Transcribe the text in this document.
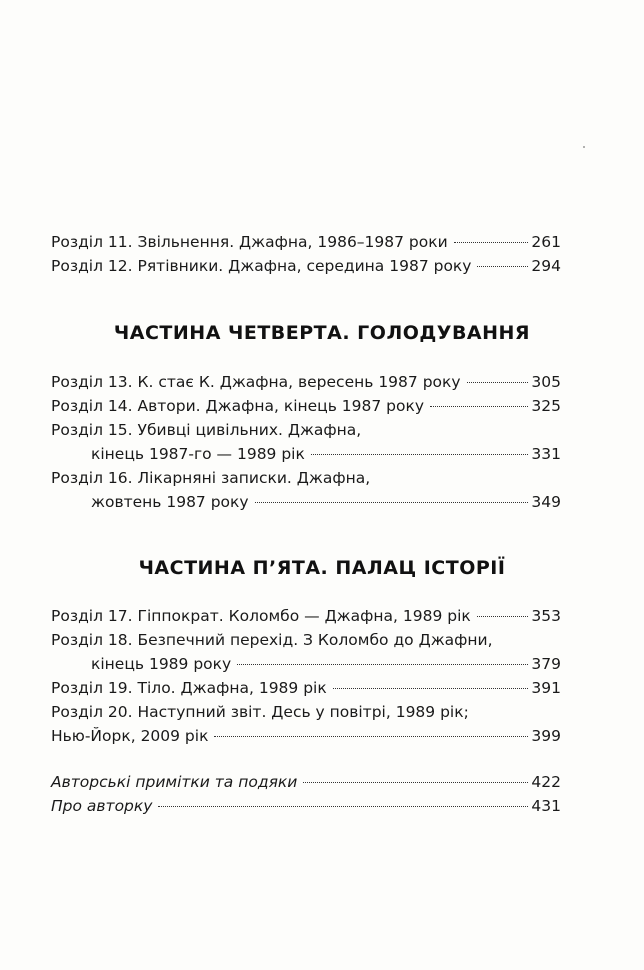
Розділ 11. Звільнення. Джафна, 1986–1987 роки	261
Розділ 12. Рятівники. Джафна, середина 1987 року	294
ЧАСТИНА ЧЕТВЕРТА. ГОЛОДУВАННЯ
Розділ 13. К. стає К. Джафна, вересень 1987 року	305
Розділ 14. Автори. Джафна, кінець 1987 року	325
Розділ 15. Убивці цивільних. Джафна,
кінець 1987-го — 1989 рік	331
Розділ 16. Лікарняні записки. Джафна,
жовтень 1987 року	349
ЧАСТИНА П’ЯТА. ПАЛАЦ ІСТОРІЇ
Розділ 17. Гіппократ. Коломбо — Джафна, 1989 рік	353
Розділ 18. Безпечний перехід. З Коломбо до Джафни,
кінець 1989 року	379
Розділ 19. Тіло. Джафна, 1989 рік	391
Розділ 20. Наступний звіт. Десь у повітрі, 1989 рік;
Нью-Йорк, 2009 рік	399
Авторські примітки та подяки	422
Про авторку	431
